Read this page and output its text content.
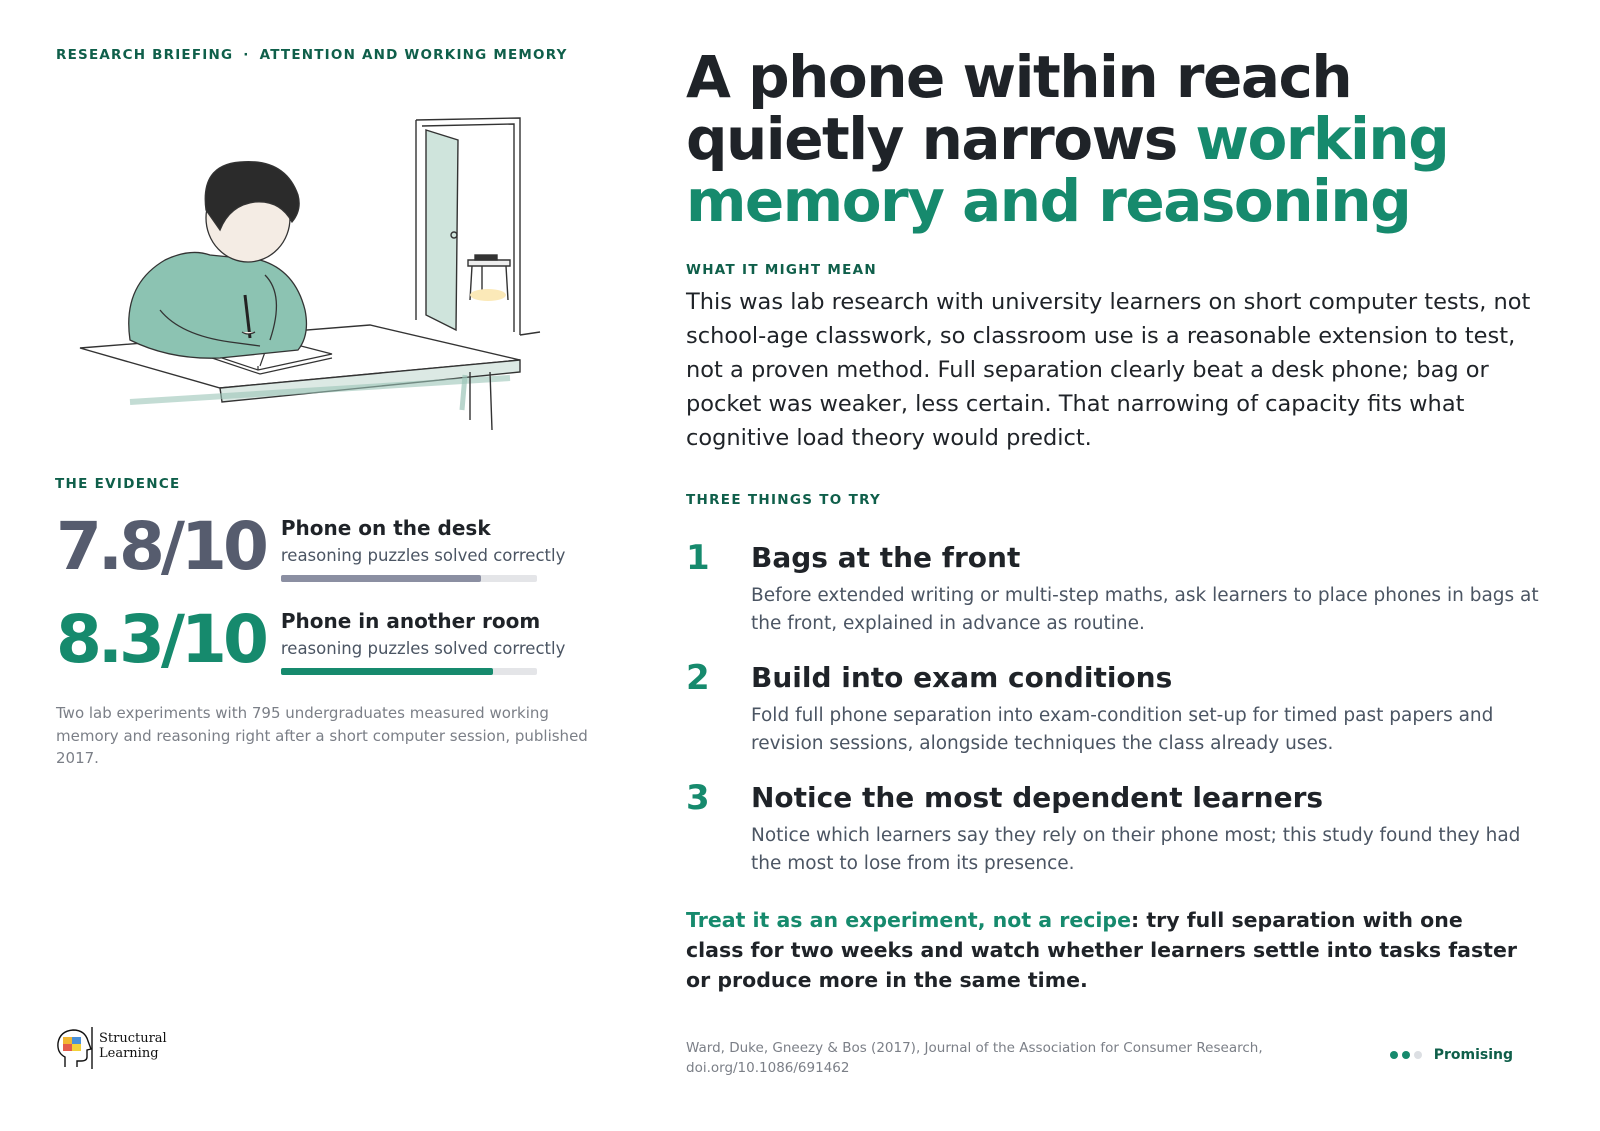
RESEARCH BRIEFING · ATTENTION AND WORKING MEMORY
THE EVIDENCE
7.8/10 Phone on the desk
reasoning puzzles solved correctly
8.3/10 Phone in another room
reasoning puzzles solved correctly
Two lab experiments with 795 undergraduates measured working memory and reasoning right after a short computer session, published 2017.
A phone within reach quietly narrows working memory and reasoning
WHAT IT MIGHT MEAN
This was lab research with university learners on short computer tests, not school-age classwork, so classroom use is a reasonable extension to test, not a proven method. Full separation clearly beat a desk phone; bag or pocket was weaker, less certain. That narrowing of capacity fits what cognitive load theory would predict.
THREE THINGS TO TRY
1 Bags at the front
Before extended writing or multi-step maths, ask learners to place phones in bags at the front, explained in advance as routine.
2 Build into exam conditions
Fold full phone separation into exam-condition set-up for timed past papers and revision sessions, alongside techniques the class already uses.
3 Notice the most dependent learners
Notice which learners say they rely on their phone most; this study found they had the most to lose from its presence.
Treat it as an experiment, not a recipe: try full separation with one class for two weeks and watch whether learners settle into tasks faster or produce more in the same time.
Structural
Learning	Ward, Duke, Gneezy & Bos (2017), Journal of the Association for Consumer Research, doi.org/10.1086/691462
Promising
